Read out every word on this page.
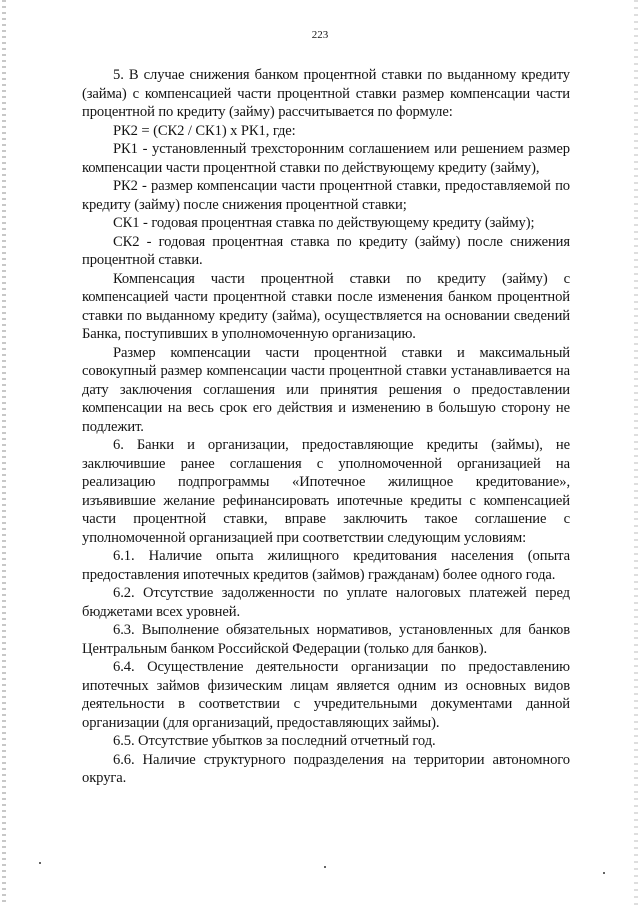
223

5. В случае снижения банком процентной ставки по выданному кредиту (займа) с компенсацией части процентной ставки размер компенсации части процентной по кредиту (займу) рассчитывается по формуле:

РК2 = (СК2 / СК1) x РК1, где:

РК1 - установленный трехсторонним соглашением или решением размер компенсации части процентной ставки по действующему кредиту (займу),

РК2 - размер компенсации части процентной ставки, предоставляемой по кредиту (займу) после снижения процентной ставки;

СК1 - годовая процентная ставка по действующему кредиту (займу);

СК2 - годовая процентная ставка по кредиту (займу) после снижения процентной ставки.

Компенсация части процентной ставки по кредиту (займу) с компенсацией части процентной ставки после изменения банком процентной ставки по выданному кредиту (займа), осуществляется на основании сведений Банка, поступивших в уполномоченную организацию.

Размер компенсации части процентной ставки и максимальный совокупный размер компенсации части процентной ставки устанавливается на дату заключения соглашения или принятия решения о предоставлении компенсации на весь срок его действия и изменению в большую сторону не подлежит.

6. Банки и организации, предоставляющие кредиты (займы), не заключившие ранее соглашения с уполномоченной организацией на реализацию подпрограммы «Ипотечное жилищное кредитование», изъявившие желание рефинансировать ипотечные кредиты с компенсацией части процентной ставки, вправе заключить такое соглашение с уполномоченной организацией при соответствии следующим условиям:

6.1. Наличие опыта жилищного кредитования населения (опыта предоставления ипотечных кредитов (займов) гражданам) более одного года.

6.2. Отсутствие задолженности по уплате налоговых платежей перед бюджетами всех уровней.

6.3. Выполнение обязательных нормативов, установленных для банков Центральным банком Российской Федерации (только для банков).

6.4. Осуществление деятельности организации по предоставлению ипотечных займов физическим лицам является одним из основных видов деятельности в соответствии с учредительными документами данной организации (для организаций, предоставляющих займы).

6.5. Отсутствие убытков за последний отчетный год.

6.6. Наличие структурного подразделения на территории автономного округа.
